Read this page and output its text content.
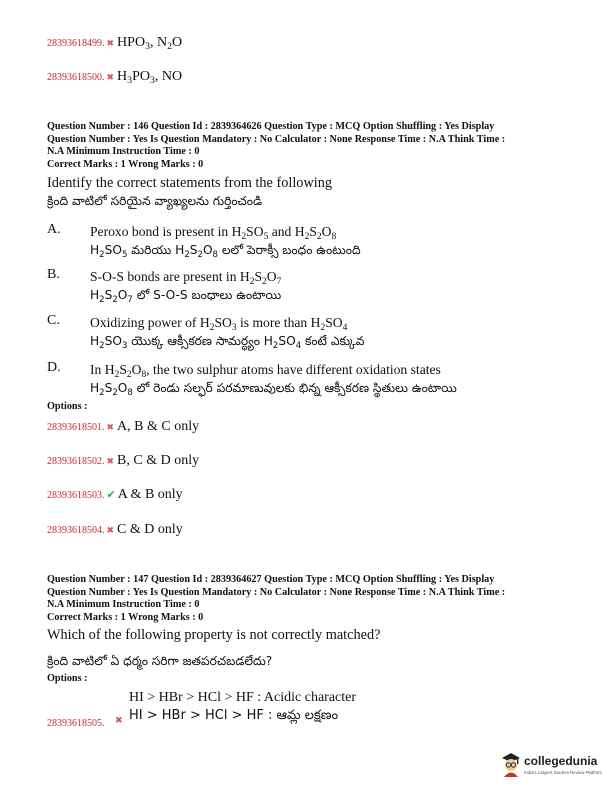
28393618499. ✖ $HPO_3$, $N_2O$
28393618500. ✖ $H_3PO_3$, NO
Question Number : 146 Question Id : 2839364626 Question Type : MCQ Option Shuffling : Yes Display
Question Number : Yes Is Question Mandatory : No Calculator : None Response Time : N.A Think Time :
N.A Minimum Instruction Time : 0
Correct Marks : 1 Wrong Marks : 0
Identify the correct statements from the following
క్రింది వాటిలో సరియైన వ్యాఖ్యలను గుర్తించండి
A. Peroxo bond is present in $H_2SO_5$ and $H_2S_2O_8$
$H_2SO_5$ మరియు $H_2S_2O_8$ లలో పెరాక్సీ బంధం ఉంటుంది
B. S-O-S bonds are present in $H_2S_2O_7$
$H_2S_2O_7$ లో S-O-S బంధాలు ఉంటాయి
C. Oxidizing power of $H_2SO_3$ is more than $H_2SO_4$
$H_2SO_3$ యొక్క ఆక్సీకరణ సామర్ధ్యం $H_2SO_4$ కంటే ఎక్కువ
D. In $H_2S_2O_8$, the two sulphur atoms have different oxidation states
$H_2S_2O_8$ లో రెండు సల్ఫర్ పరమాణువులకు భిన్న ఆక్సీకరణ స్థితులు ఉంటాయి
Options :
28393618501. ✖ A, B & C only
28393618502. ✖ B, C & D only
28393618503. ✔ A & B only
28393618504. ✖ C & D only
Question Number : 147 Question Id : 2839364627 Question Type : MCQ Option Shuffling : Yes Display
Question Number : Yes Is Question Mandatory : No Calculator : None Response Time : N.A Think Time :
N.A Minimum Instruction Time : 0
Correct Marks : 1 Wrong Marks : 0
Which of the following property is not correctly matched?
క్రింది వాటిలో ఏ ధర్మం సరిగా జతపరచబడలేదు?
Options :
28393618505. ✖
HI > HBr > HCl > HF : Acidic character
HI > HBr > HCl > HF : ఆమ్ల లక్షణం
collegedunia
India's Largest Student Review Platform
